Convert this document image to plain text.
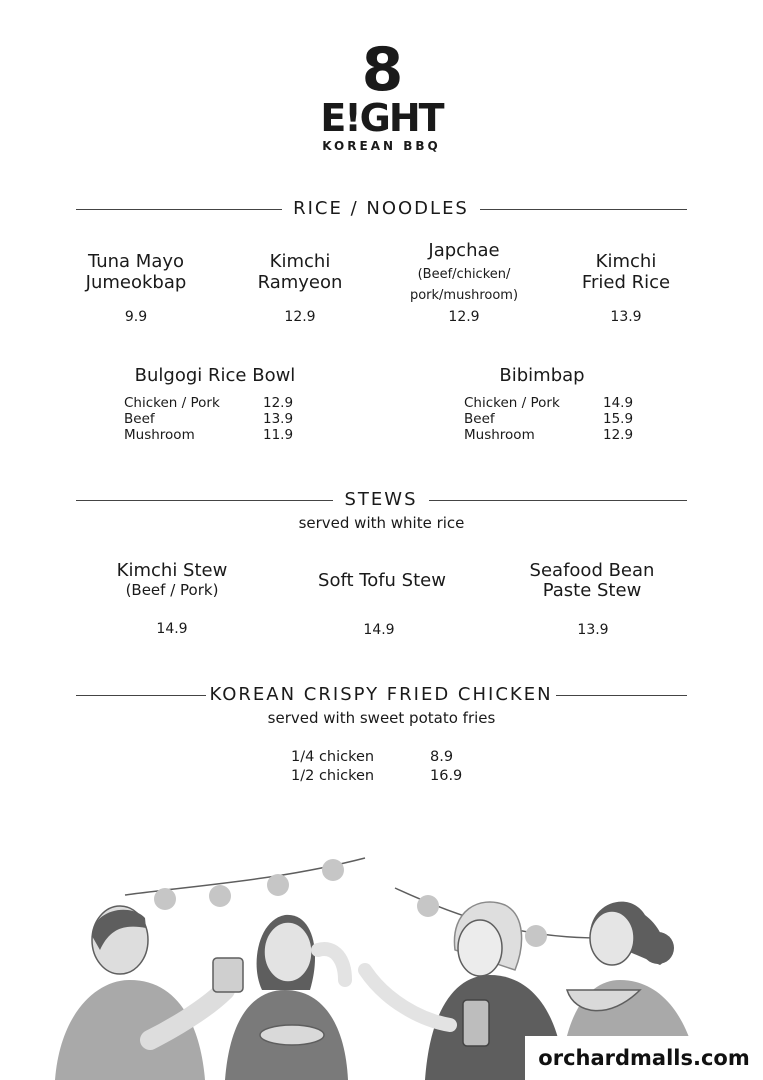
8
E!GHT
KOREAN BBQ
RICE / NOODLES
Tuna Mayo
Jumeokbap
9.9
Kimchi
Ramyeon
12.9
Japchae
(Beef/chicken/
pork/mushroom)
12.9
Kimchi
Fried Rice
13.9
Bulgogi Rice Bowl
Chicken / Pork	12.9
Beef	13.9
Mushroom	11.9
Bibimbap
Chicken / Pork	14.9
Beef	15.9
Mushroom	12.9
STEWS
served with white rice
Kimchi Stew
(Beef / Pork)
14.9
Soft Tofu Stew
14.9
Seafood Bean
Paste Stew
13.9
KOREAN CRISPY FRIED CHICKEN
served with sweet potato fries
1/4 chicken	8.9
1/2 chicken	16.9
orchardmalls.com
